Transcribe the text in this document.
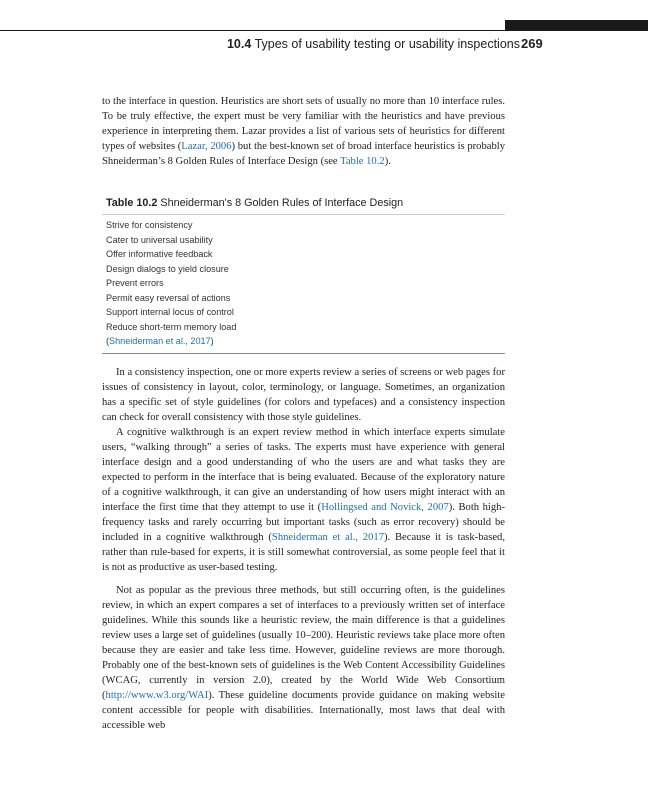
10.4 Types of usability testing or usability inspections 269

to the interface in question. Heuristics are short sets of usually no more than 10 interface rules. To be truly effective, the expert must be very familiar with the heuristics and have previous experience in interpreting them. Lazar provides a list of various sets of heuristics for different types of websites (Lazar, 2006) but the best-known set of broad interface heuristics is probably Shneiderman’s 8 Golden Rules of Interface Design (see Table 10.2).

Table 10.2 Shneiderman's 8 Golden Rules of Interface Design
Strive for consistency
Cater to universal usability
Offer informative feedback
Design dialogs to yield closure
Prevent errors
Permit easy reversal of actions
Support internal locus of control
Reduce short-term memory load
(Shneiderman et al., 2017)

In a consistency inspection, one or more experts review a series of screens or web pages for issues of consistency in layout, color, terminology, or language. Sometimes, an organization has a specific set of style guidelines (for colors and typefaces) and a consistency inspection can check for overall consistency with those style guidelines.

A cognitive walkthrough is an expert review method in which interface experts simulate users, “walking through” a series of tasks. The experts must have experience with general interface design and a good understanding of who the users are and what tasks they are expected to perform in the interface that is being evaluated. Because of the exploratory nature of a cognitive walkthrough, it can give an understanding of how users might interact with an interface the first time that they attempt to use it (Hollingsed and Novick, 2007). Both high-frequency tasks and rarely occurring but important tasks (such as error recovery) should be included in a cognitive walkthrough (Shneiderman et al., 2017). Because it is task-based, rather than rule-based for experts, it is still somewhat controversial, as some people feel that it is not as productive as user-based testing.

Not as popular as the previous three methods, but still occurring often, is the guidelines review, in which an expert compares a set of interfaces to a previously written set of interface guidelines. While this sounds like a heuristic review, the main difference is that a guidelines review uses a large set of guidelines (usually 10–200). Heuristic reviews take place more often because they are easier and take less time. However, guideline reviews are more thorough. Probably one of the best-known sets of guidelines is the Web Content Accessibility Guidelines (WCAG, currently in version 2.0), created by the World Wide Web Consortium (http://www.w3.org/WAI). These guideline documents provide guidance on making website content accessible for people with disabilities. Internationally, most laws that deal with accessible web
